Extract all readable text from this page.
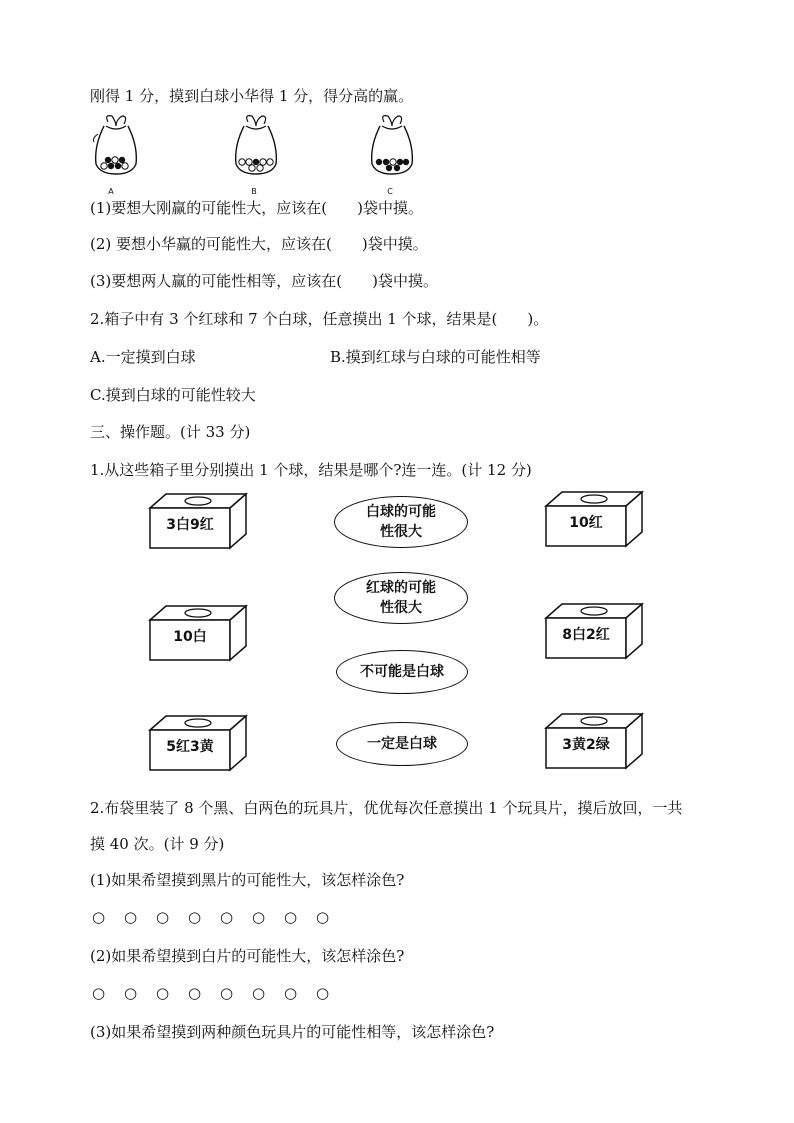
刚得 1 分，摸到白球小华得 1 分，得分高的赢。
A	B	C
(1)要想大刚赢的可能性大，应该在(　　)袋中摸。
(2) 要想小华赢的可能性大，应该在(　　)袋中摸。
(3)要想两人赢的可能性相等，应该在(　　)袋中摸。
2.箱子中有 3 个红球和 7 个白球，任意摸出 1 个球，结果是(　　)。
A.一定摸到白球	B.摸到红球与白球的可能性相等
C.摸到白球的可能性较大
三、操作题。(计 33 分)
1.从这些箱子里分别摸出 1 个球，结果是哪个?连一连。(计 12 分)
3白9红
10白
5红3黄
10红
8白2红
3黄2绿
白球的可能
性很大
红球的可能
性很大
不可能是白球
一定是白球
2.布袋里装了 8 个黑、白两色的玩具片，优优每次任意摸出 1 个玩具片，摸后放回，一共
摸 40 次。(计 9 分)
(1)如果希望摸到黑片的可能性大，该怎样涂色?
○ ○ ○ ○ ○ ○ ○ ○
(2)如果希望摸到白片的可能性大，该怎样涂色?
○ ○ ○ ○ ○ ○ ○ ○
(3)如果希望摸到两种颜色玩具片的可能性相等，该怎样涂色?
